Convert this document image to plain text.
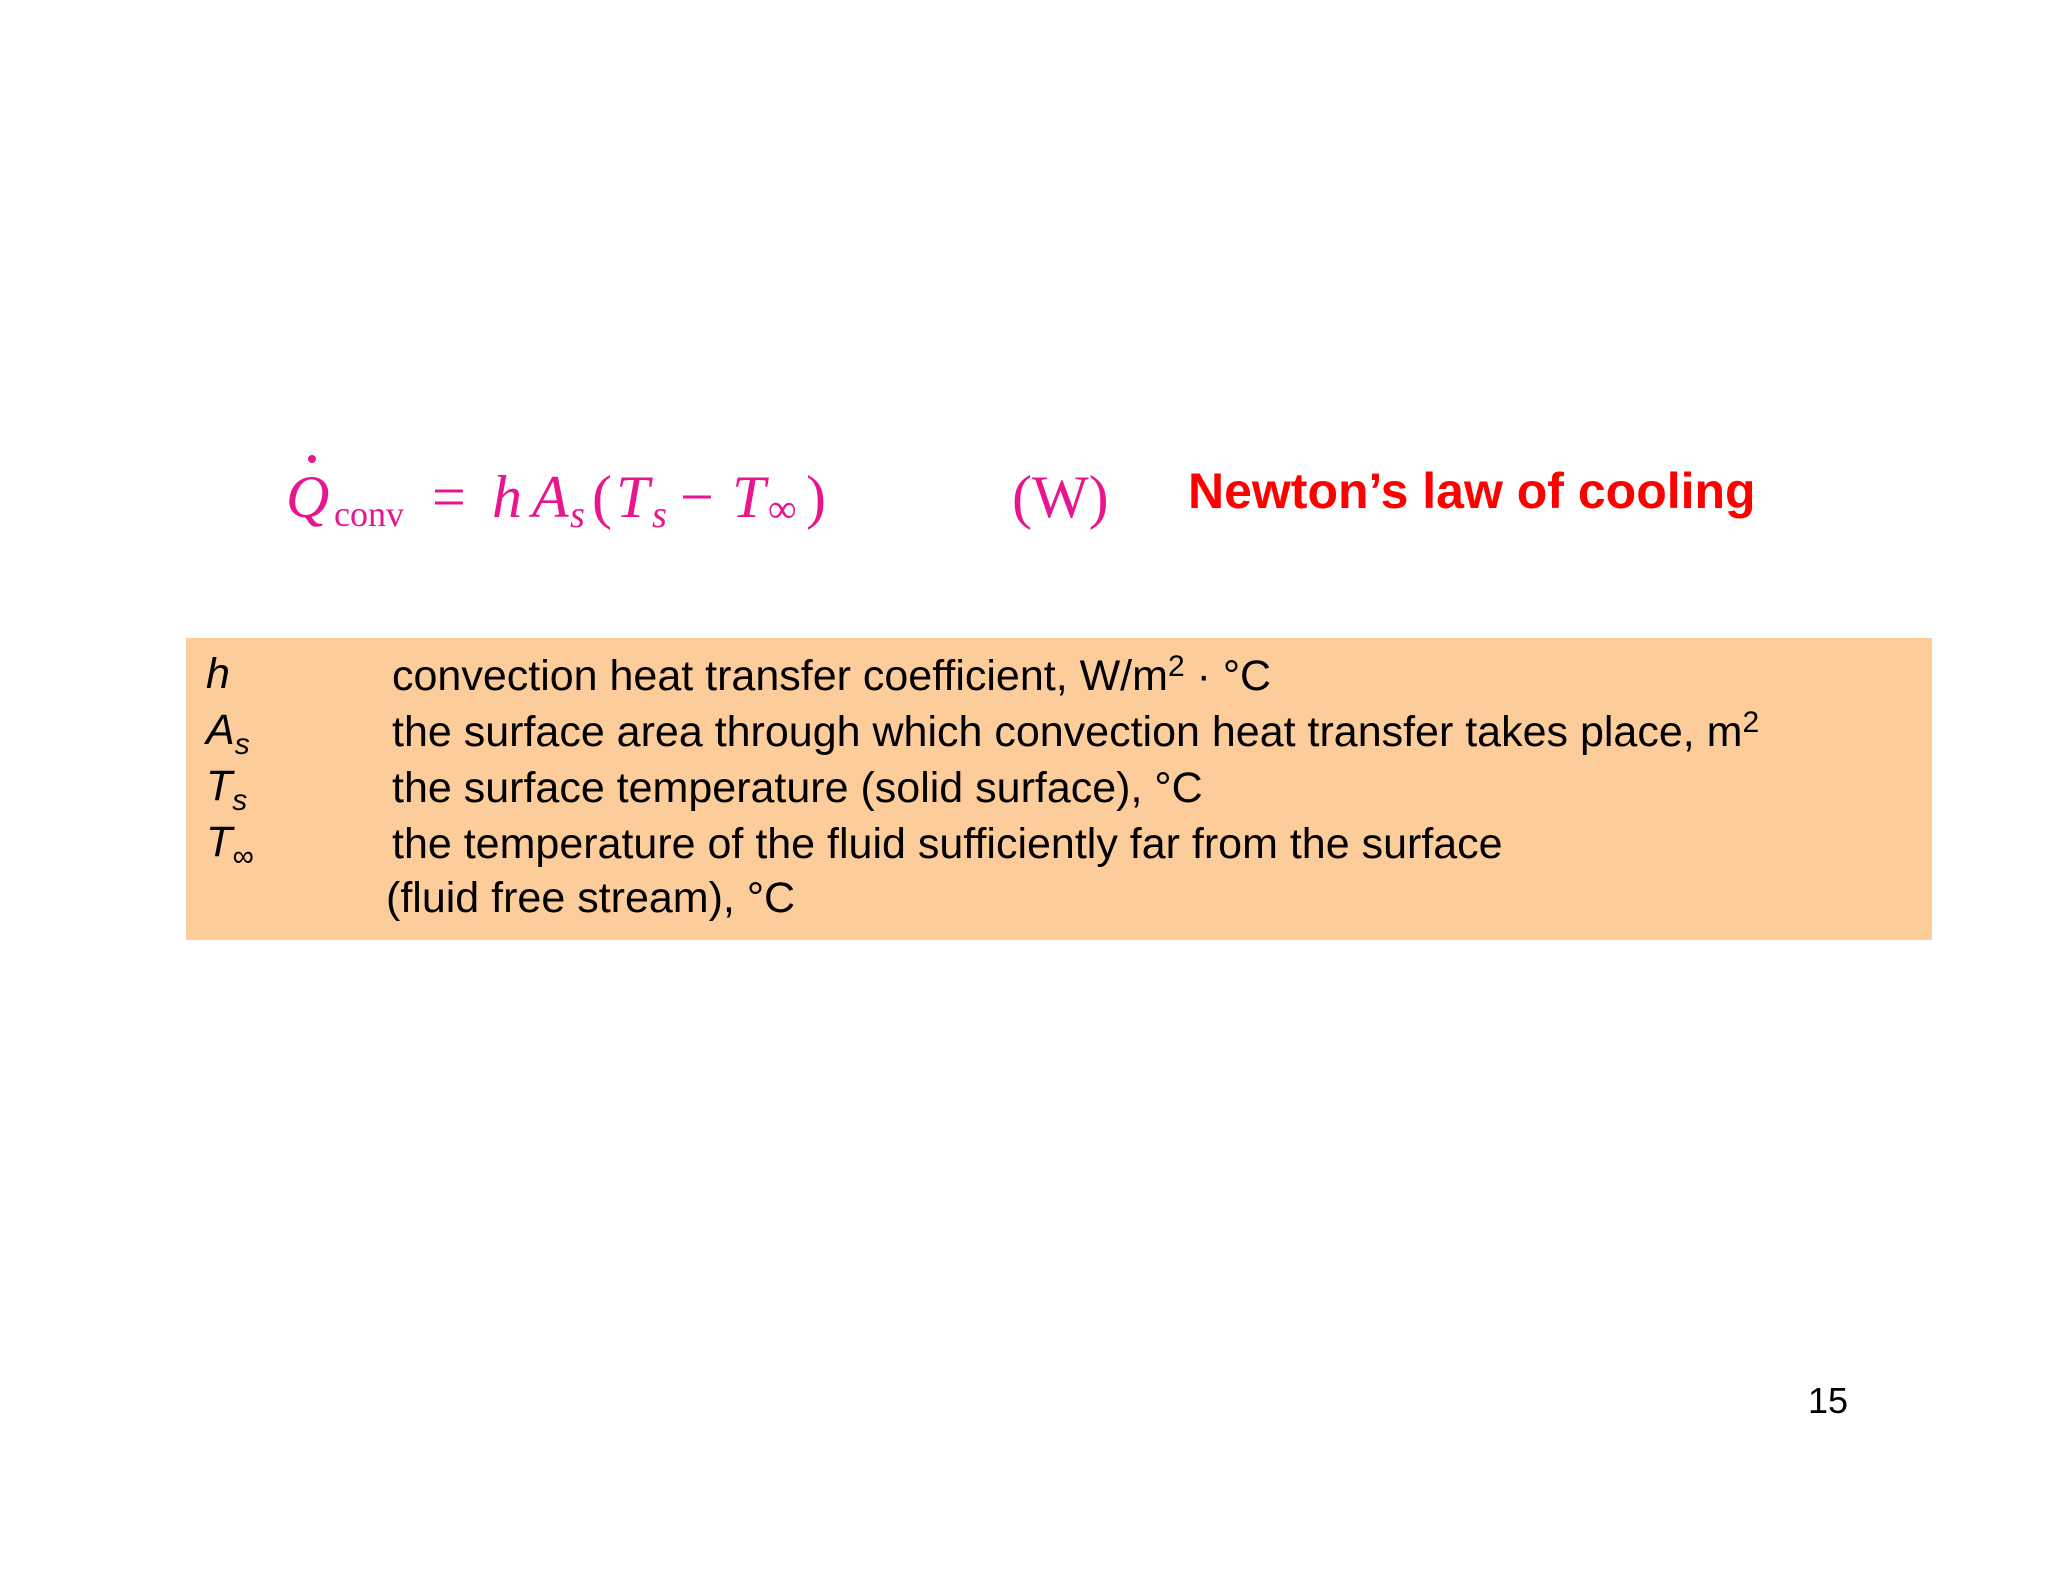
Q conv = h A s ( T s − T ∞ )	(W) Newton’s law of cooling
h	convection heat transfer coefficient, $W/m^2 \cdot ^\circ C$
$A_s$	the surface area through which convection heat transfer takes place, $m^2$
$T_s$	the surface temperature (solid surface), °C
$T_\infty$	the temperature of the fluid sufficiently far from the surface
(fluid free stream), °C
15
